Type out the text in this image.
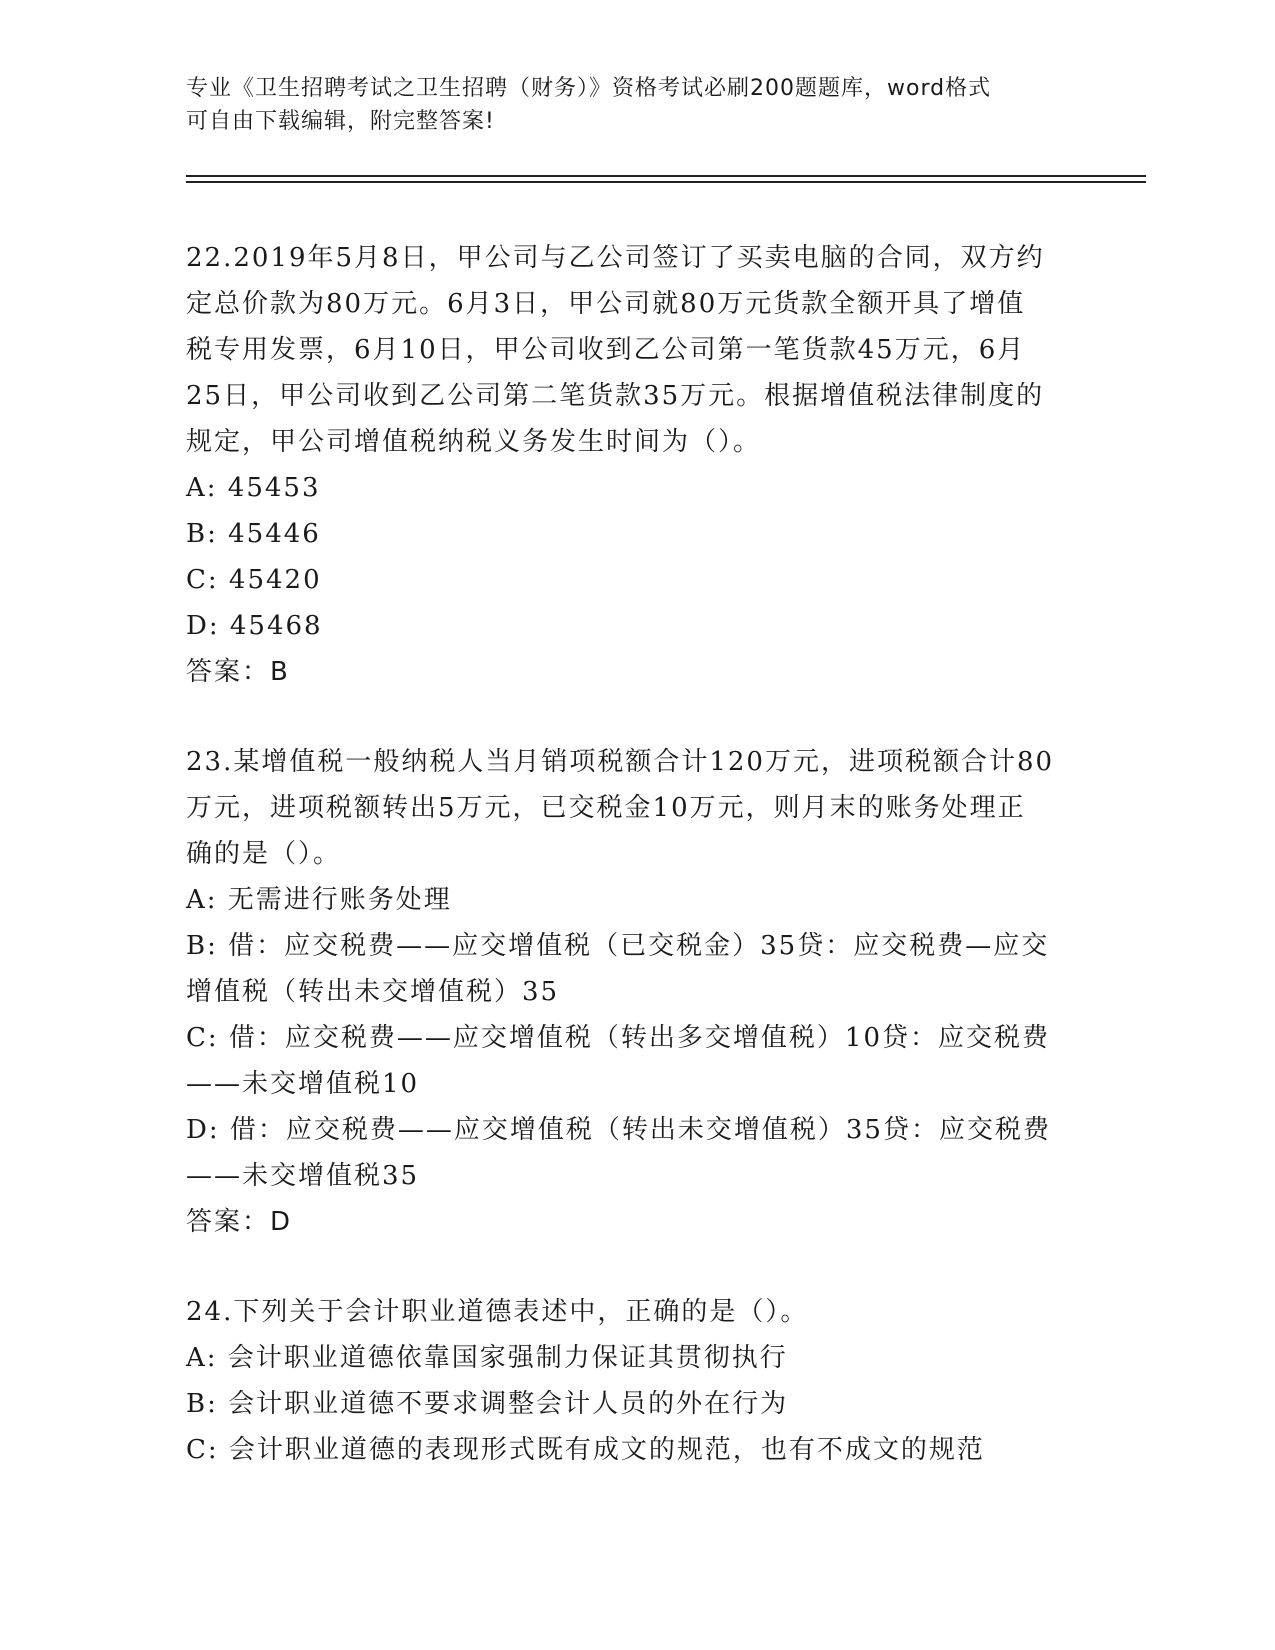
专业《卫生招聘考试之卫生招聘（财务）》资格考试必刷200题题库，word格式
可自由下载编辑，附完整答案!
22.2019年5月8日，甲公司与乙公司签订了买卖电脑的合同，双方约
定总价款为80万元。6月3日，甲公司就80万元货款全额开具了增值
税专用发票，6月10日，甲公司收到乙公司第一笔货款45万元，6月
25日，甲公司收到乙公司第二笔货款35万元。根据增值税法律制度的
规定，甲公司增值税纳税义务发生时间为（）。
A: 45453
B: 45446
C: 45420
D: 45468
答案：B
23.某增值税一般纳税人当月销项税额合计120万元，进项税额合计80
万元，进项税额转出5万元，已交税金10万元，则月末的账务处理正
确的是（）。
A: 无需进行账务处理
B: 借：应交税费——应交增值税（已交税金）35贷：应交税费—应交
增值税（转出未交增值税）35
C: 借：应交税费——应交增值税（转出多交增值税）10贷：应交税费
——未交增值税10
D: 借：应交税费——应交增值税（转出未交增值税）35贷：应交税费
——未交增值税35
答案：D
24.下列关于会计职业道德表述中，正确的是（）。
A: 会计职业道德依靠国家强制力保证其贯彻执行
B: 会计职业道德不要求调整会计人员的外在行为
C: 会计职业道德的表现形式既有成文的规范，也有不成文的规范
